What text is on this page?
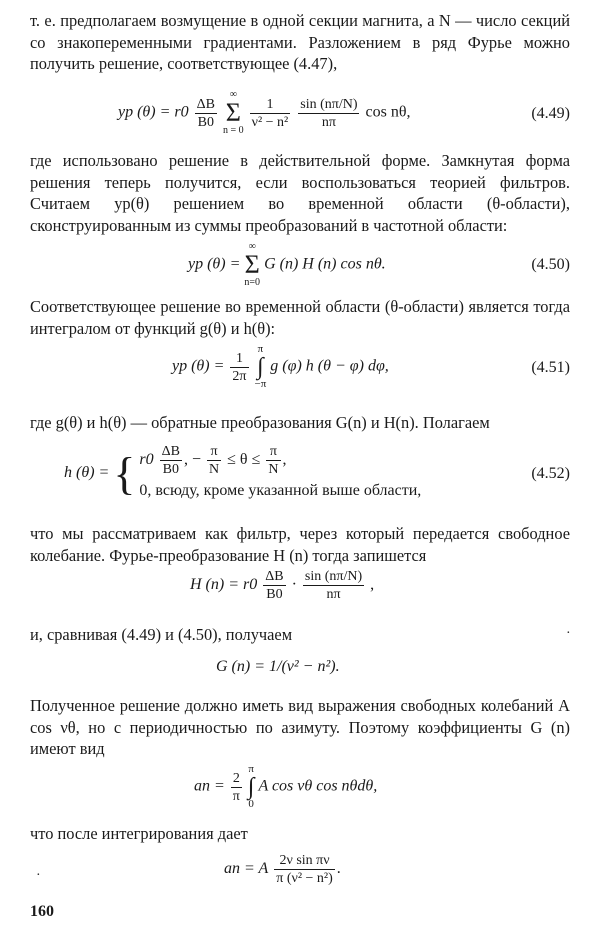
т. е. предполагаем возмущение в одной секции магнита, а N — число секций со знакопеременными градиентами. Разложением в ряд Фурье можно получить решение, соответствующее (4.47),

yp $(\theta) = r0 \frac{\Delta B}{B0}$

∞
Σ
n = 0
$\frac{1}{\text{ν² − n²}}$
$\frac{\sin (n\pi/N)}{n\pi}$ cos nθ,	(4.49)

где использовано решение в действительной форме. Замкнутая форма решения теперь получится, если воспользоваться теорией фильтров. Считаем yp(θ) решением во временной области (θ-области), сконструированным из суммы преобразований в частотной области:

yp (θ) =
∞
Σ
n=0
G (n) H (n) cos nθ.	(4.50)

Соответствующее решение во временной области (θ-области) является тогда интегралом от функций g(θ) и h(θ):

yp $(\theta) = \frac{1}{2\pi}$

π
∫
−π
g (φ) h (θ − φ) dφ,	(4.51)

где g(θ) и h(θ) — обратные преобразования G(n) и H(n). Полагаем

h (θ) = { $r0 \frac{\Delta B}{B0}$ , − $\frac{\pi}{N} \le \theta \le \frac{\pi}{N}$ ,
0, всюду, кроме указанной выше области,
(4.52)

что мы рассматриваем как фильтр, через который передается свободное колебание. Фурье-преобразование H (n) тогда запишется

H $(n) = r0 \frac{\Delta B}{B0} \cdot \frac{\sin (n\pi/N)}{n\pi}$ ,

и, сравнивая (4.49) и (4.50), получаем	·
G (n) = 1/(ν² − n²).

Полученное решение должно иметь вид выражения свободных колебаний A cos νθ, но с периодичностью по азимуту. Поэтому коэффициенты G (n) имеют вид

an = $\frac{2}{\pi}$

π
∫
0
A cos νθ cos nθdθ,

что после интегрирования дает

an = A $\frac{\text{2ν sin πν}}{\text{π (ν² − n²)}}$ .
·
160
